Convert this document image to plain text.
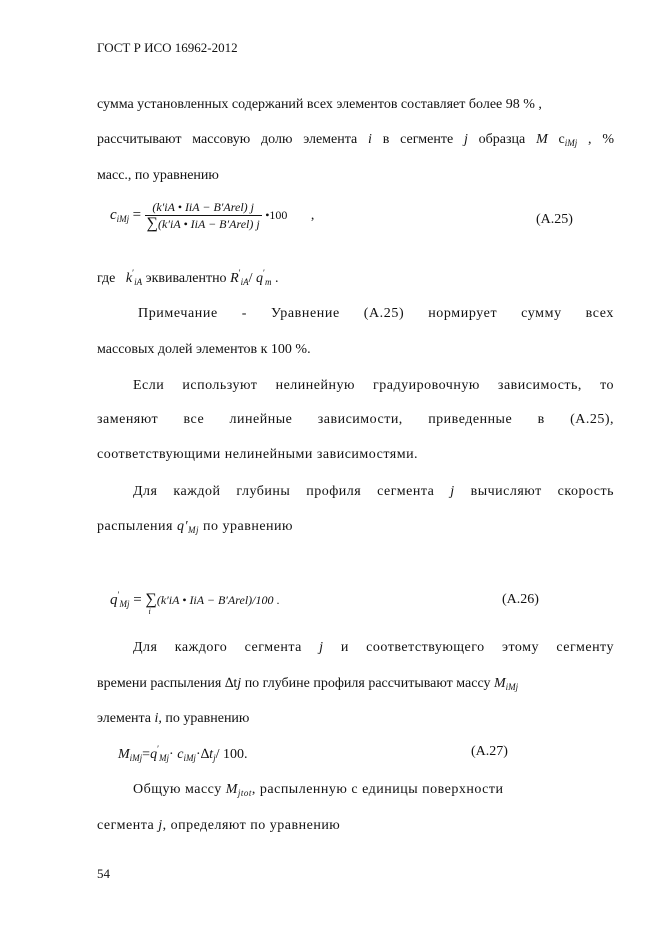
ГОСТ Р ИСО 16962-2012
сумма установленных содержаний всех элементов составляет более 98 % ,
рассчитывают массовую долю элемента i в сегменте j образца M $c_{iMj}$ , %
масс., по уравнению
$c_{iMj} = \frac{\text{(k′iA • IiA − B′Arel) j}}{\text{∑(k′iA • IiA − B′Arel) j}}$ •100 ,	(А.25)
где $k'_{iA}$ эквивалентно $R'_{iA}/$ $q'_m$ .
Примечание - Уравнение (А.25) нормирует сумму всех
массовых долей элементов к 100 %.
Если используют нелинейную градуировочную зависимость, то
заменяют все линейные зависимости, приведенные в (А.25),
соответствующими нелинейными зависимостями.
Для каждой глубины профиля сегмента j вычисляют скорость
распыления $q'_{Mj}$ по уравнению
$q'_{Mj}$ = ∑
i
(k′iA • IiA − B′Arel)/100 .	(А.26)
Для каждого сегмента j и соответствующего этому сегменту
времени распыления ∆tj по глубине профиля рассчитывают массу $M_{iMj}$
элемента i, по уравнению
$M_{iMj}=q'_{Mj}\cdot c_{iMj}\cdot\Delta t_j/$ 100.	(А.27)
Общую массу $M_{jtot}$, распыленную с единицы поверхности
сегмента j, определяют по уравнению
54
